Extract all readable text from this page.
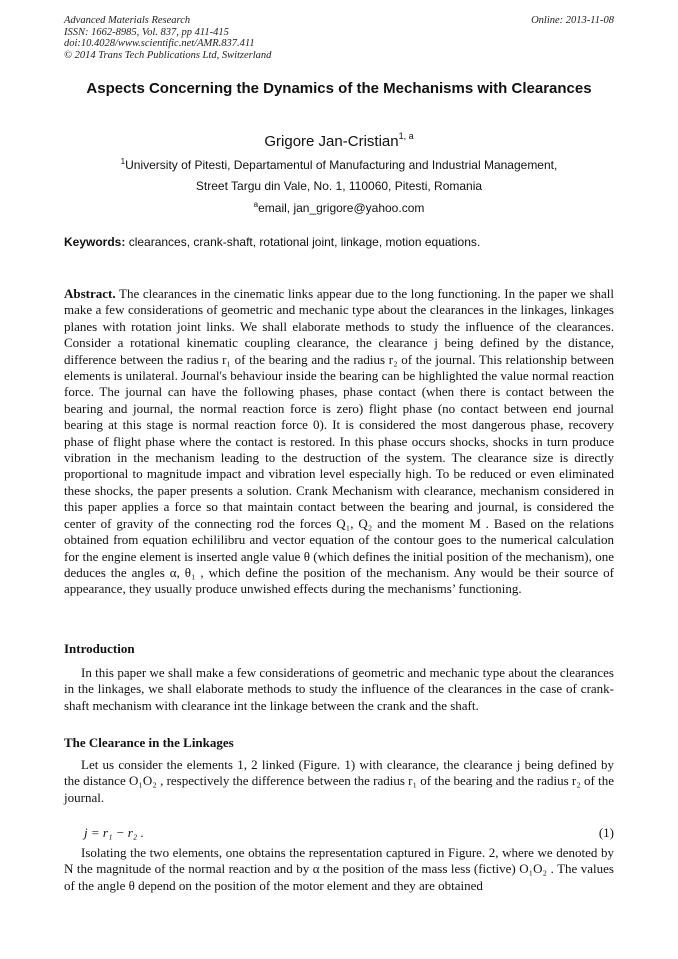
Advanced Materials Research
ISSN: 1662-8985, Vol. 837, pp 411-415
doi:10.4028/www.scientific.net/AMR.837.411
© 2014 Trans Tech Publications Ltd, Switzerland
Online: 2013-11-08
Aspects Concerning the Dynamics of the Mechanisms with Clearances
Grigore Jan-Cristian$^{1, a}$
$^1$University of Pitesti, Departamentul of Manufacturing and Industrial Management,
Street Targu din Vale, No. 1, 110060, Pitesti, Romania
$^a$email, jan_grigore@yahoo.com
Keywords: clearances, crank-shaft, rotational joint, linkage, motion equations.
Abstract. The clearances in the cinematic links appear due to the long functioning. In the paper we shall make a few considerations of geometric and mechanic type about the clearances in the linkages, linkages planes with rotation joint links. We shall elaborate methods to study the influence of the clearances. Consider a rotational kinematic coupling clearance, the clearance j being defined by the distance, difference between the radius r₁ of the bearing and the radius r₂ of the journal. This relationship between elements is unilateral. Journal's behaviour inside the bearing can be highlighted the value normal reaction force. The journal can have the following phases, phase contact (when there is contact between the bearing and journal, the normal reaction force is zero) flight phase (no contact between end journal bearing at this stage is normal reaction force 0). It is considered the most dangerous phase, recovery phase of flight phase where the contact is restored. In this phase occurs shocks, shocks in turn produce vibration in the mechanism leading to the destruction of the system. The clearance size is directly proportional to magnitude impact and vibration level especially high. To be reduced or even eliminated these shocks, the paper presents a solution. Crank Mechanism with clearance, mechanism considered in this paper applies a force so that maintain contact between the bearing and journal, is considered the center of gravity of the connecting rod the forces Q₁, Q₂ and the moment M . Based on the relations obtained from equation echililibru and vector equation of the contour goes to the numerical calculation for the engine element is inserted angle value θ (which defines the initial position of the mechanism), one deduces the angles α, θ₁ , which define the position of the mechanism. Any would be their source of appearance, they usually produce unwished effects during the mechanisms’ functioning.
Introduction
In this paper we shall make a few considerations of geometric and mechanic type about the clearances in the linkages, we shall elaborate methods to study the influence of the clearances in the case of crank-shaft mechanism with clearance int the linkage between the crank and the shaft.
The Clearance in the Linkages
Let us consider the elements 1, 2 linked (Figure. 1) with clearance, the clearance j being defined by the distance O₁O₂ , respectively the difference between the radius r₁ of the bearing and the radius r₂ of the journal.
j = r₁ − r₂ .	(1)
Isolating the two elements, one obtains the representation captured in Figure. 2, where we denoted by N the magnitude of the normal reaction and by α the position of the mass less (fictive) O₁O₂ . The values of the angle θ depend on the position of the motor element and they are obtained
